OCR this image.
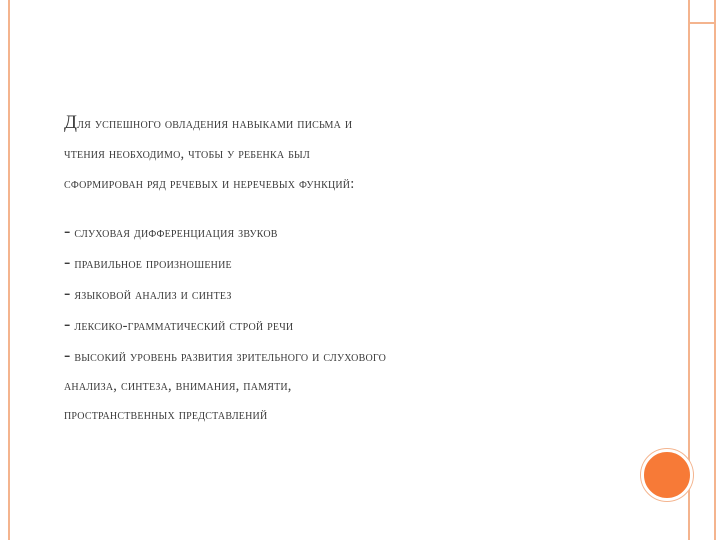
Для успешного овладения навыками письма и
чтения необходимо, чтобы у ребенка был
сформирован ряд речевых и неречевых функций:
- слуховая дифференциация звуков
- правильное произношение
- языковой анализ и синтез
- лексико-грамматический строй речи
- высокий уровень развития зрительного и слухового
анализа, синтеза, внимания, памяти,
пространственных представлений
